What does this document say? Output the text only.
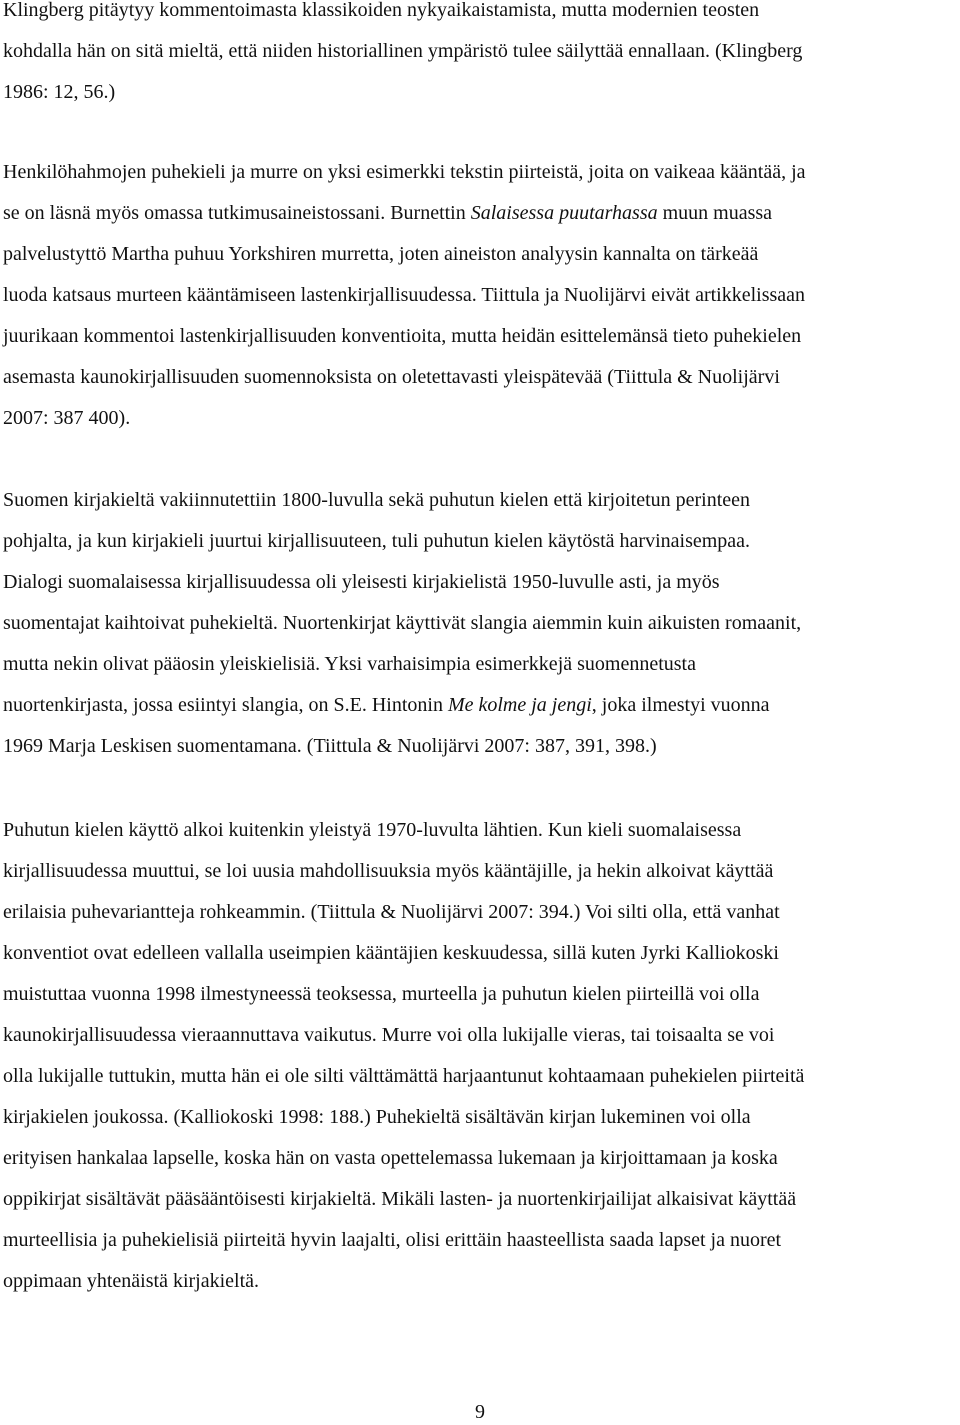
Klingberg pitäytyy kommentoimasta klassikoiden nykyaikaistamista, mutta modernien teosten
kohdalla hän on sitä mieltä, että niiden historiallinen ympäristö tulee säilyttää ennallaan. (Klingberg
1986: 12, 56.)
Henkilöhahmojen puhekieli ja murre on yksi esimerkki tekstin piirteistä, joita on vaikeaa kääntää, ja
se on läsnä myös omassa tutkimusaineistossani. Burnettin Salaisessa puutarhassa muun muassa
palvelustyttö Martha puhuu Yorkshiren murretta, joten aineiston analyysin kannalta on tärkeää
luoda katsaus murteen kääntämiseen lastenkirjallisuudessa. Tiittula ja Nuolijärvi eivät artikkelissaan
juurikaan kommentoi lastenkirjallisuuden konventioita, mutta heidän esittelemänsä tieto puhekielen
asemasta kaunokirjallisuuden suomennoksista on oletettavasti yleispätevää (Tiittula & Nuolijärvi
2007: 387 400).
Suomen kirjakieltä vakiinnutettiin 1800-luvulla sekä puhutun kielen että kirjoitetun perinteen
pohjalta, ja kun kirjakieli juurtui kirjallisuuteen, tuli puhutun kielen käytöstä harvinaisempaa.
Dialogi suomalaisessa kirjallisuudessa oli yleisesti kirjakielistä 1950-luvulle asti, ja myös
suomentajat kaihtoivat puhekieltä. Nuortenkirjat käyttivät slangia aiemmin kuin aikuisten romaanit,
mutta nekin olivat pääosin yleiskielisiä. Yksi varhaisimpia esimerkkejä suomennetusta
nuortenkirjasta, jossa esiintyi slangia, on S.E. Hintonin Me kolme ja jengi, joka ilmestyi vuonna
1969 Marja Leskisen suomentamana. (Tiittula & Nuolijärvi 2007: 387, 391, 398.)
Puhutun kielen käyttö alkoi kuitenkin yleistyä 1970-luvulta lähtien. Kun kieli suomalaisessa
kirjallisuudessa muuttui, se loi uusia mahdollisuuksia myös kääntäjille, ja hekin alkoivat käyttää
erilaisia puhevariantteja rohkeammin. (Tiittula & Nuolijärvi 2007: 394.) Voi silti olla, että vanhat
konventiot ovat edelleen vallalla useimpien kääntäjien keskuudessa, sillä kuten Jyrki Kalliokoski
muistuttaa vuonna 1998 ilmestyneessä teoksessa, murteella ja puhutun kielen piirteillä voi olla
kaunokirjallisuudessa vieraannuttava vaikutus. Murre voi olla lukijalle vieras, tai toisaalta se voi
olla lukijalle tuttukin, mutta hän ei ole silti välttämättä harjaantunut kohtaamaan puhekielen piirteitä
kirjakielen joukossa. (Kalliokoski 1998: 188.) Puhekieltä sisältävän kirjan lukeminen voi olla
erityisen hankalaa lapselle, koska hän on vasta opettelemassa lukemaan ja kirjoittamaan ja koska
oppikirjat sisältävät pääsääntöisesti kirjakieltä. Mikäli lasten- ja nuortenkirjailijat alkaisivat käyttää
murteellisia ja puhekielisiä piirteitä hyvin laajalti, olisi erittäin haasteellista saada lapset ja nuoret
oppimaan yhtenäistä kirjakieltä.
9
